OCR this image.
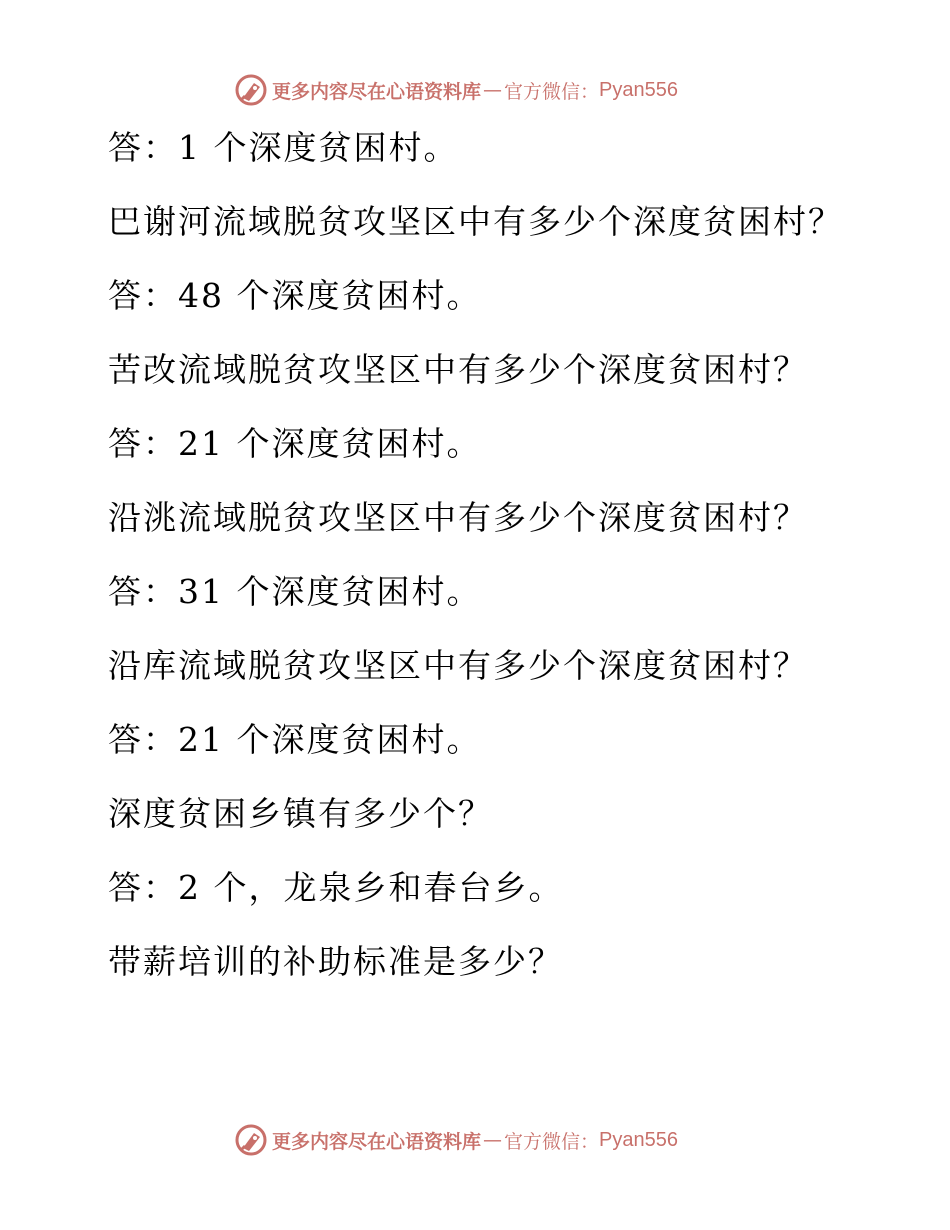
更多内容尽在心语资料库 — 官方微信： Pyan556
答：1 个深度贫困村。
巴谢河流域脱贫攻坚区中有多少个深度贫困村？
答：48 个深度贫困村。
苦改流域脱贫攻坚区中有多少个深度贫困村？
答：21 个深度贫困村。
沿洮流域脱贫攻坚区中有多少个深度贫困村？
答：31 个深度贫困村。
沿库流域脱贫攻坚区中有多少个深度贫困村？
答：21 个深度贫困村。
深度贫困乡镇有多少个？
答：2 个，龙泉乡和春台乡。
带薪培训的补助标准是多少？
更多内容尽在心语资料库 — 官方微信： Pyan556
